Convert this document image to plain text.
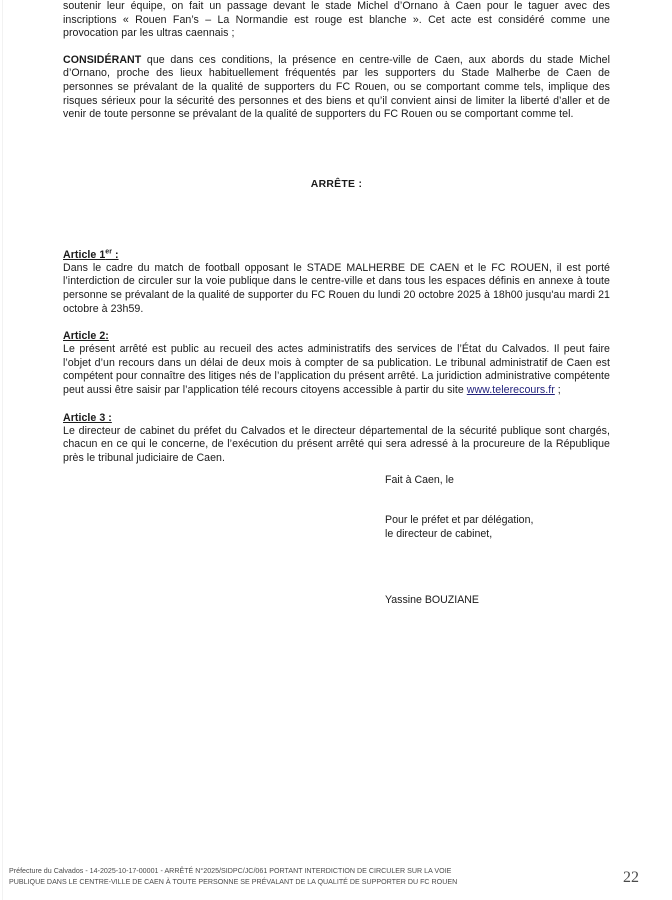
soutenir leur équipe, on fait un passage devant le stade Michel d’Ornano à Caen pour le taguer avec des inscriptions « Rouen Fan’s – La Normandie est rouge est blanche ». Cet acte est considéré comme une provocation par les ultras caennais ;

CONSIDÉRANT que dans ces conditions, la présence en centre-ville de Caen, aux abords du stade Michel d’Ornano, proche des lieux habituellement fréquentés par les supporters du Stade Malherbe de Caen de personnes se prévalant de la qualité de supporters du FC Rouen, ou se comportant comme tels, implique des risques sérieux pour la sécurité des personnes et des biens et qu’il convient ainsi de limiter la liberté d’aller et de venir de toute personne se prévalant de la qualité de supporters du FC Rouen ou se comportant comme tel.

ARRÊTE :

Article 1er :

Dans le cadre du match de football opposant le STADE MALHERBE DE CAEN et le FC ROUEN, il est porté l’interdiction de circuler sur la voie publique dans le centre-ville et dans tous les espaces définis en annexe à toute personne se prévalant de la qualité de supporter du FC Rouen du lundi 20 octobre 2025 à 18h00 jusqu'au mardi 21 octobre à 23h59.

Article 2:

Le présent arrêté est public au recueil des actes administratifs des services de l’État du Calvados. Il peut faire l’objet d’un recours dans un délai de deux mois à compter de sa publication. Le tribunal administratif de Caen est compétent pour connaître des litiges nés de l’application du présent arrêté. La juridiction administrative compétente peut aussi être saisir par l’application télé recours citoyens accessible à partir du site www.telerecours.fr ;

Article 3 :

Le directeur de cabinet du préfet du Calvados et le directeur départemental de la sécurité publique sont chargés, chacun en ce qui le concerne, de l’exécution du présent arrêté qui sera adressé à la procureure de la République près le tribunal judiciaire de Caen.

Fait à Caen, le
Pour le préfet et par délégation,
le directeur de cabinet,
Yassine BOUZIANE
Préfecture du Calvados - 14-2025-10-17-00001 - ARRÊTÉ N°2025/SIDPC/JC/061 PORTANT INTERDICTION DE CIRCULER SUR LA VOIE
PUBLIQUE DANS LE CENTRE-VILLE DE CAEN À TOUTE PERSONNE SE PRÉVALANT DE LA QUALITÉ DE SUPPORTER DU FC ROUEN	22
